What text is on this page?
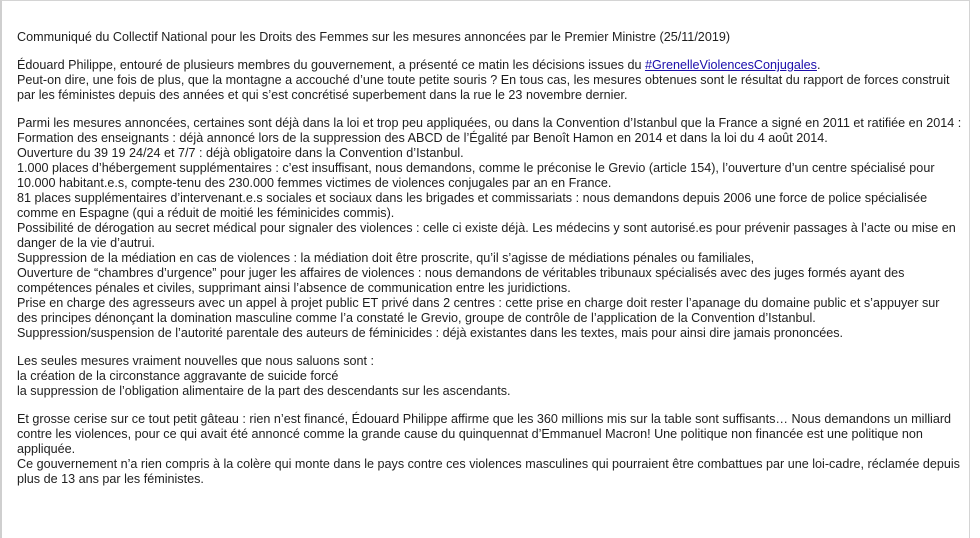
Communiqué du Collectif National pour les Droits des Femmes sur les mesures annoncées par le Premier Ministre (25/11/2019)

Édouard Philippe, entouré de plusieurs membres du gouvernement, a présenté ce matin les décisions issues du #GrenelleViolencesConjugales.
Peut-on dire, une fois de plus, que la montagne a accouché d’une toute petite souris ? En tous cas, les mesures obtenues sont le résultat du rapport de forces construit par les féministes depuis des années et qui s’est concrétisé superbement dans la rue le 23 novembre dernier.
Parmi les mesures annoncées, certaines sont déjà dans la loi et trop peu appliquées, ou dans la Convention d’Istanbul que la France a signé en 2011 et ratifiée en 2014 :
Formation des enseignants : déjà annoncé lors de la suppression des ABCD de l’Égalité par Benoît Hamon en 2014 et dans la loi du 4 août 2014.
Ouverture du 39 19 24/24 et 7/7 : déjà obligatoire dans la Convention d’Istanbul.
1.000 places d’hébergement supplémentaires : c’est insuffisant, nous demandons, comme le préconise le Grevio (article 154), l’ouverture d’un centre spécialisé pour 10.000 habitant.e.s, compte-tenu des 230.000 femmes victimes de violences conjugales par an en France.
81 places supplémentaires d’intervenant.e.s sociales et sociaux dans les brigades et commissariats : nous demandons depuis 2006 une force de police spécialisée comme en Espagne (qui a réduit de moitié les féminicides commis).
Possibilité de dérogation au secret médical pour signaler des violences : celle ci existe déjà. Les médecins y sont autorisé.es pour prévenir passages à l’acte ou mise en danger de la vie d’autrui.
Suppression de la médiation en cas de violences : la médiation doit être proscrite, qu’il s’agisse de médiations pénales ou familiales,
Ouverture de “chambres d’urgence” pour juger les affaires de violences : nous demandons de véritables tribunaux spécialisés avec des juges formés ayant des compétences pénales et civiles, supprimant ainsi l’absence de communication entre les juridictions.
Prise en charge des agresseurs avec un appel à projet public ET privé dans 2 centres : cette prise en charge doit rester l’apanage du domaine public et s’appuyer sur des principes dénonçant la domination masculine comme l’a constaté le Grevio, groupe de contrôle de l’application de la Convention d’Istanbul.
Suppression/suspension de l’autorité parentale des auteurs de féminicides : déjà existantes dans les textes, mais pour ainsi dire jamais prononcées.
Les seules mesures vraiment nouvelles que nous saluons sont :
la création de la circonstance aggravante de suicide forcé
la suppression de l’obligation alimentaire de la part des descendants sur les ascendants.
Et grosse cerise sur ce tout petit gâteau : rien n’est financé, Édouard Philippe affirme que les 360 millions mis sur la table sont suffisants… Nous demandons un milliard contre les violences, pour ce qui avait été annoncé comme la grande cause du quinquennat d’Emmanuel Macron! Une politique non financée est une politique non appliquée.
Ce gouvernement n’a rien compris à la colère qui monte dans le pays contre ces violences masculines qui pourraient être combattues par une loi-cadre, réclamée depuis plus de 13 ans par les féministes.
